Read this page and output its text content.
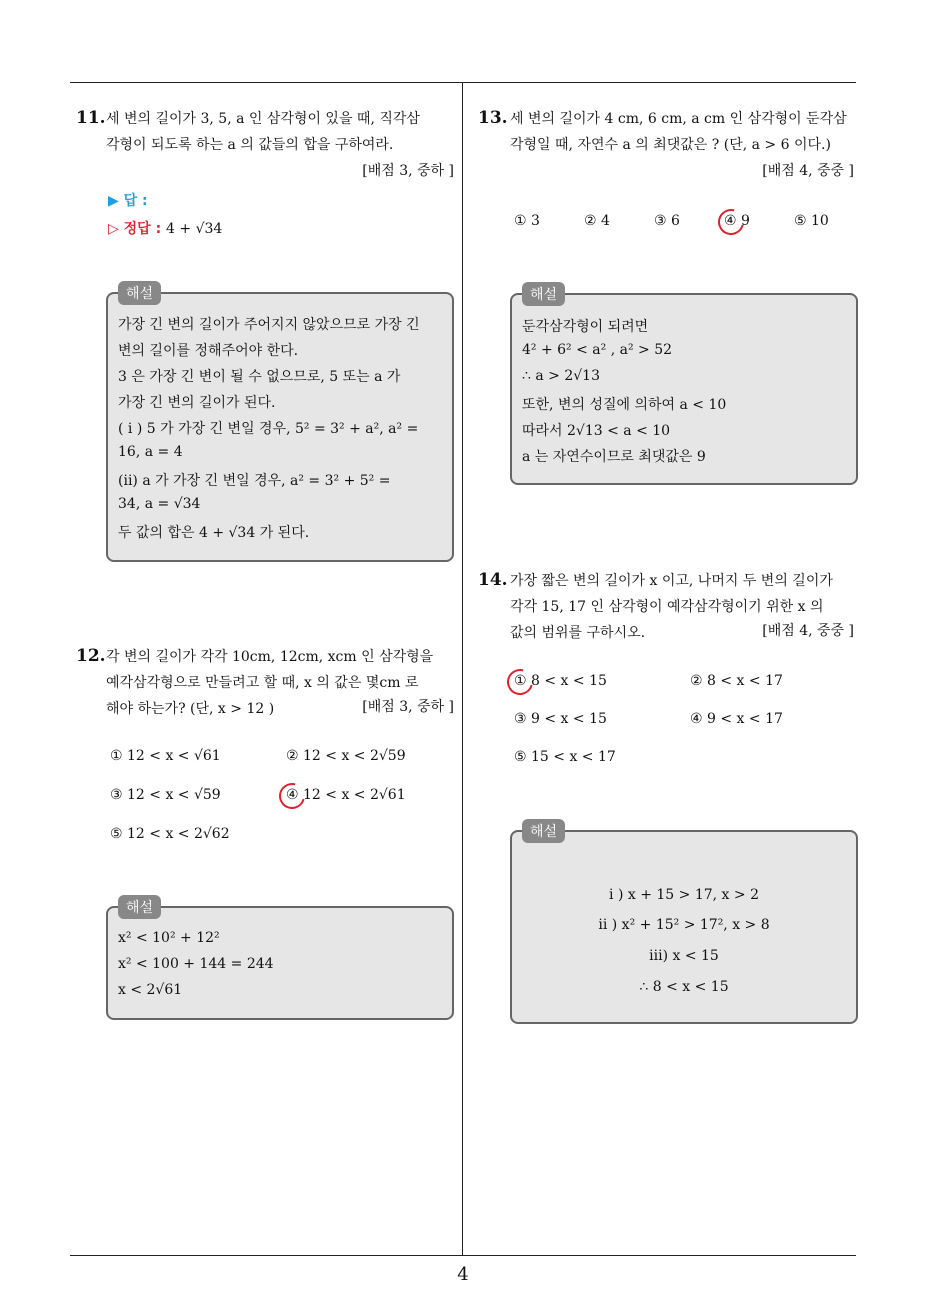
4
11. 세 변의 길이가 3, 5, a 인 삼각형이 있을 때, 직각삼
각형이 되도록 하는 a 의 값들의 합을 구하여라.
[배점 3, 중하 ]
▶ 답 :
▷ 정답 : 4 + √34
해설
가장 긴 변의 길이가 주어지지 않았으므로 가장 긴
변의 길이를 정해주어야 한다.
3 은 가장 긴 변이 될 수 없으므로, 5 또는 a 가
가장 긴 변의 길이가 된다.
( i ) 5 가 가장 긴 변일 경우, 5² = 3² + a², a² =
16, a = 4
(ii) a 가 가장 긴 변일 경우, a² = 3² + 5² =
34, a = √34
두 값의 합은 4 + √34 가 된다.
12. 각 변의 길이가 각각 10cm, 12cm, xcm 인 삼각형을
예각삼각형으로 만들려고 할 때, x 의 값은 몇cm 로
해야 하는가? (단, x > 12 )	[배점 3, 중하 ]
① 12 < x < √61	② 12 < x < 2√59
③ 12 < x < √59	④ 12 < x < 2√61
⑤ 12 < x < 2√62
해설
x² < 10² + 12²
x² < 100 + 144 = 244
x < 2√61
13. 세 변의 길이가 4 cm, 6 cm, a cm 인 삼각형이 둔각삼
각형일 때, 자연수 a 의 최댓값은 ? (단, a > 6 이다.)
[배점 4, 중중 ]
① 3	② 4	③ 6	④ 9	⑤ 10
해설
둔각삼각형이 되려면
4² + 6² < a² , a² > 52
∴ a > 2√13
또한, 변의 성질에 의하여 a < 10
따라서 2√13 < a < 10
a 는 자연수이므로 최댓값은 9
14. 가장 짧은 변의 길이가 x 이고, 나머지 두 변의 길이가
각각 15, 17 인 삼각형이 예각삼각형이기 위한 x 의
값의 범위를 구하시오.	[배점 4, 중중 ]
① 8 < x < 15	② 8 < x < 17
③ 9 < x < 15	④ 9 < x < 17
⑤ 15 < x < 17
해설
i ) x + 15 > 17, x > 2
ii ) x² + 15² > 17², x > 8
iii) x < 15
∴ 8 < x < 15
